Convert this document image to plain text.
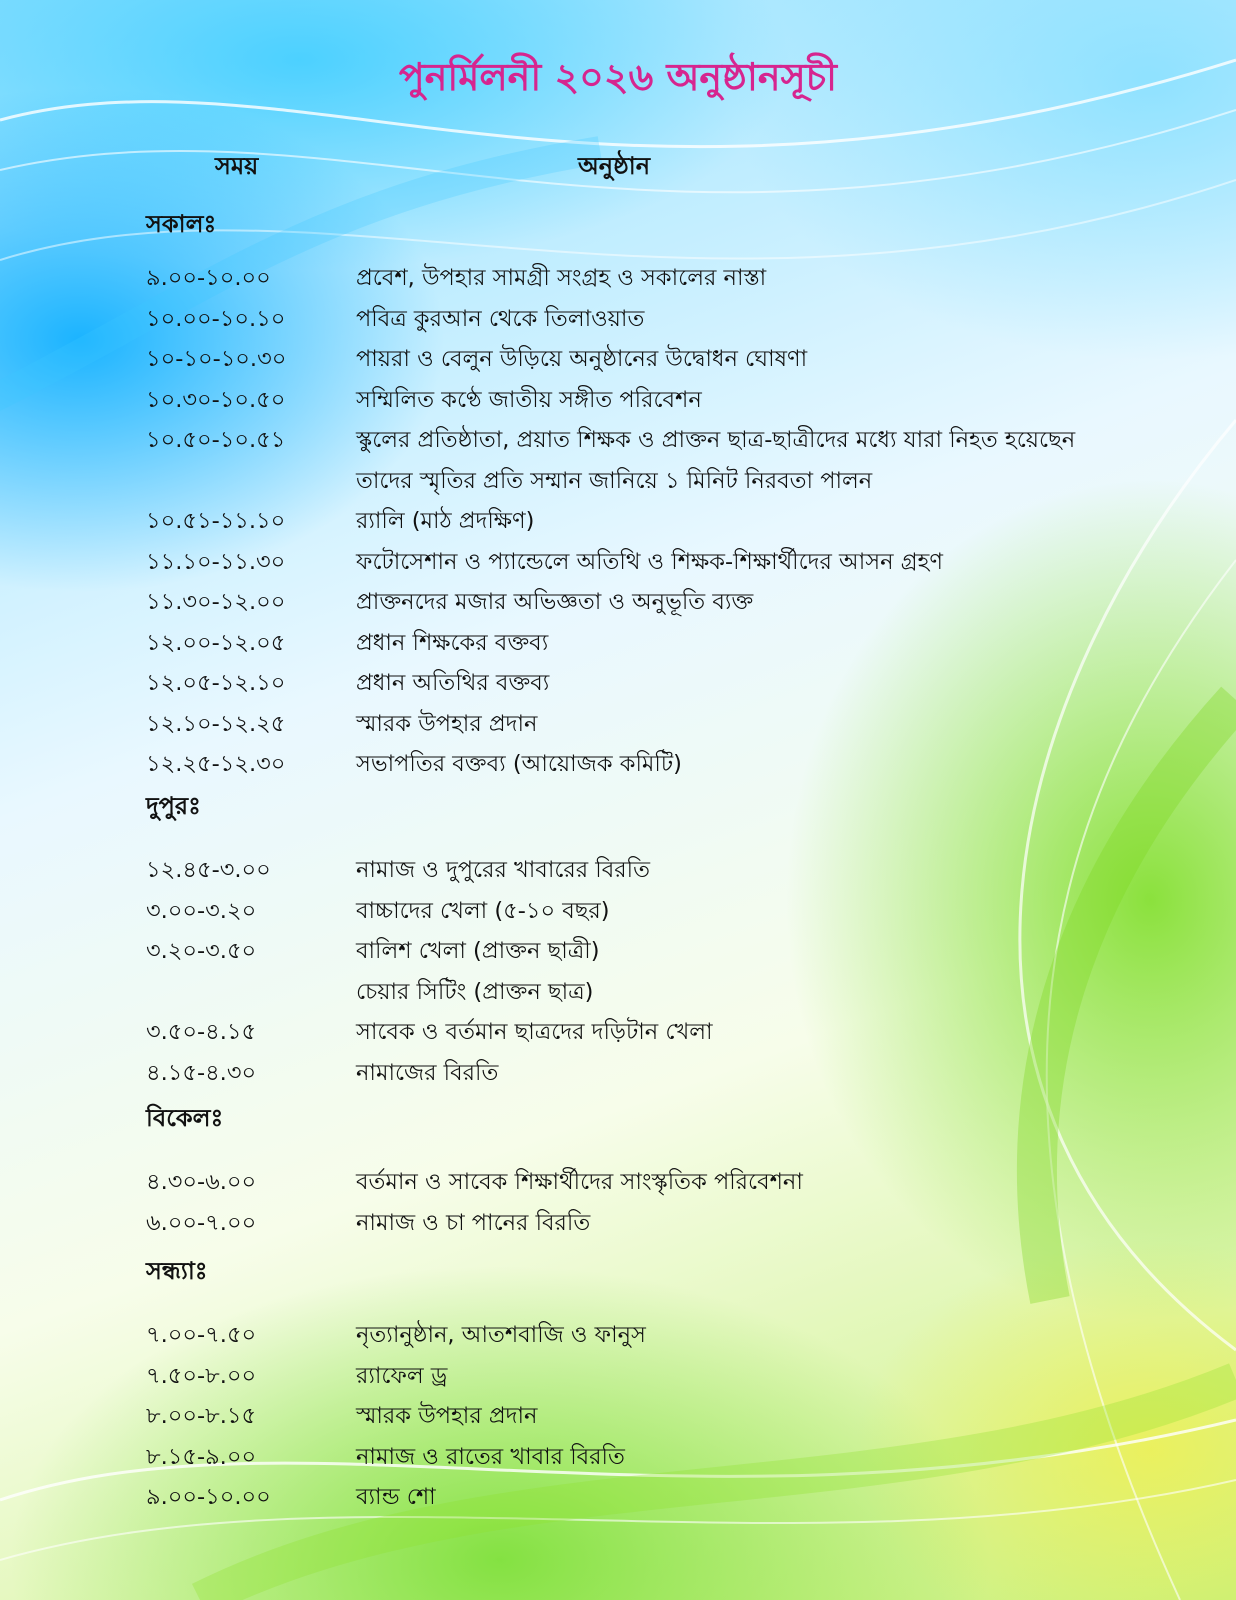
পুনর্মিলনী ২০২৬ অনুষ্ঠানসূচী
সময়	অনুষ্ঠান
সকালঃ
৯.০০-১০.০০	প্রবেশ, উপহার সামগ্রী সংগ্রহ ও সকালের নাস্তা
১০.০০-১০.১০	পবিত্র কুরআন থেকে তিলাওয়াত
১০-১০-১০.৩০	পায়রা ও বেলুন উড়িয়ে অনুষ্ঠানের উদ্বোধন ঘোষণা
১০.৩০-১০.৫০	সম্মিলিত কণ্ঠে জাতীয় সঙ্গীত পরিবেশন
১০.৫০-১০.৫১	স্কুলের প্রতিষ্ঠাতা, প্রয়াত শিক্ষক ও প্রাক্তন ছাত্র-ছাত্রীদের মধ্যে যারা নিহত হয়েছেন তাদের স্মৃতির প্রতি সম্মান জানিয়ে ১ মিনিট নিরবতা পালন
১০.৫১-১১.১০	র‍্যালি (মাঠ প্রদক্ষিণ)
১১.১০-১১.৩০	ফটোসেশান ও প্যান্ডেলে অতিথি ও শিক্ষক-শিক্ষার্থীদের আসন গ্রহণ
১১.৩০-১২.০০	প্রাক্তনদের মজার অভিজ্ঞতা ও অনুভূতি ব্যক্ত
১২.০০-১২.০৫	প্রধান শিক্ষকের বক্তব্য
১২.০৫-১২.১০	প্রধান অতিথির বক্তব্য
১২.১০-১২.২৫	স্মারক উপহার প্রদান
১২.২৫-১২.৩০	সভাপতির বক্তব্য (আয়োজক কমিটি)
দুপুরঃ
১২.৪৫-৩.০০	নামাজ ও দুপুরের খাবারের বিরতি
৩.০০-৩.২০	বাচ্চাদের খেলা (৫-১০ বছর)
৩.২০-৩.৫০	বালিশ খেলা (প্রাক্তন ছাত্রী)
চেয়ার সিটিং (প্রাক্তন ছাত্র)
৩.৫০-৪.১৫	সাবেক ও বর্তমান ছাত্রদের দড়িটান খেলা
৪.১৫-৪.৩০	নামাজের বিরতি
বিকেলঃ
৪.৩০-৬.০০	বর্তমান ও সাবেক শিক্ষার্থীদের সাংস্কৃতিক পরিবেশনা
৬.০০-৭.০০	নামাজ ও চা পানের বিরতি
সন্ধ্যাঃ
৭.০০-৭.৫০	নৃত্যানুষ্ঠান, আতশবাজি ও ফানুস
৭.৫০-৮.০০	র‍্যাফেল ড্র
৮.০০-৮.১৫	স্মারক উপহার প্রদান
৮.১৫-৯.০০	নামাজ ও রাতের খাবার বিরতি
৯.০০-১০.০০	ব্যান্ড শো
